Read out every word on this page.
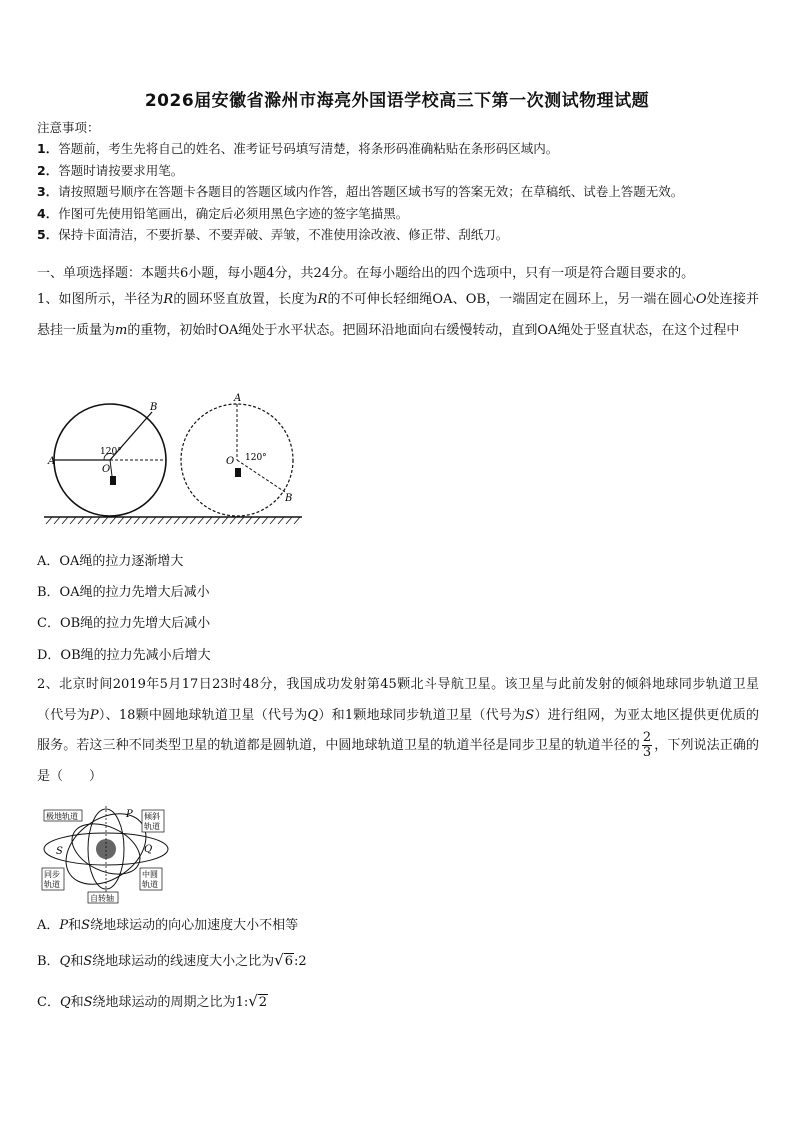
2026届安徽省滁州市海亮外国语学校高三下第一次测试物理试题
注意事项：
1．答题前，考生先将自己的姓名、准考证号码填写清楚，将条形码准确粘贴在条形码区域内。
2．答题时请按要求用笔。
3．请按照题号顺序在答题卡各题目的答题区域内作答，超出答题区域书写的答案无效；在草稿纸、试卷上答题无效。
4．作图可先使用铅笔画出，确定后必须用黑色字迹的签字笔描黑。
5．保持卡面清洁，不要折暴、不要弄破、弄皱，不准使用涂改液、修正带、刮纸刀。
一、单项选择题：本题共6小题，每小题4分，共24分。在每小题给出的四个选项中，只有一项是符合题目要求的。
1、如图所示，半径为R的圆环竖直放置，长度为R的不可伸长轻细绳OA、OB，一端固定在圆环上，另一端在圆心O处连接并悬挂一质量为m的重物，初始时OA绳处于水平状态。把圆环沿地面向右缓慢转动，直到OA绳处于竖直状态，在这个过程中
A
B
O
120°
A
B
O 120°
A．OA绳的拉力逐渐增大
B．OA绳的拉力先增大后减小
C．OB绳的拉力先增大后减小
D．OB绳的拉力先减小后增大
2、北京时间2019年5月17日23时48分，我国成功发射第45颗北斗导航卫星。该卫星与此前发射的倾斜地球同步轨道卫星（代号为P）、18颗中圆地球轨道卫星（代号为Q）和1颗地球同步轨道卫星（代号为S）进行组网，为亚太地区提供更优质的服务。若这三种不同类型卫星的轨道都是圆轨道，中圆地球轨道卫星的轨道半径是同步卫星的轨道半径的 $\frac{2}{3}$ ，下列说法正确的是（　　）
极地轨道	倾斜轨道
同步轨道
中圆轨道
自转轴
P
Q
S
A．P和S绕地球运动的向心加速度大小不相等
B．Q和S绕地球运动的线速度大小之比为√6:2
C．Q和S绕地球运动的周期之比为1:√2
